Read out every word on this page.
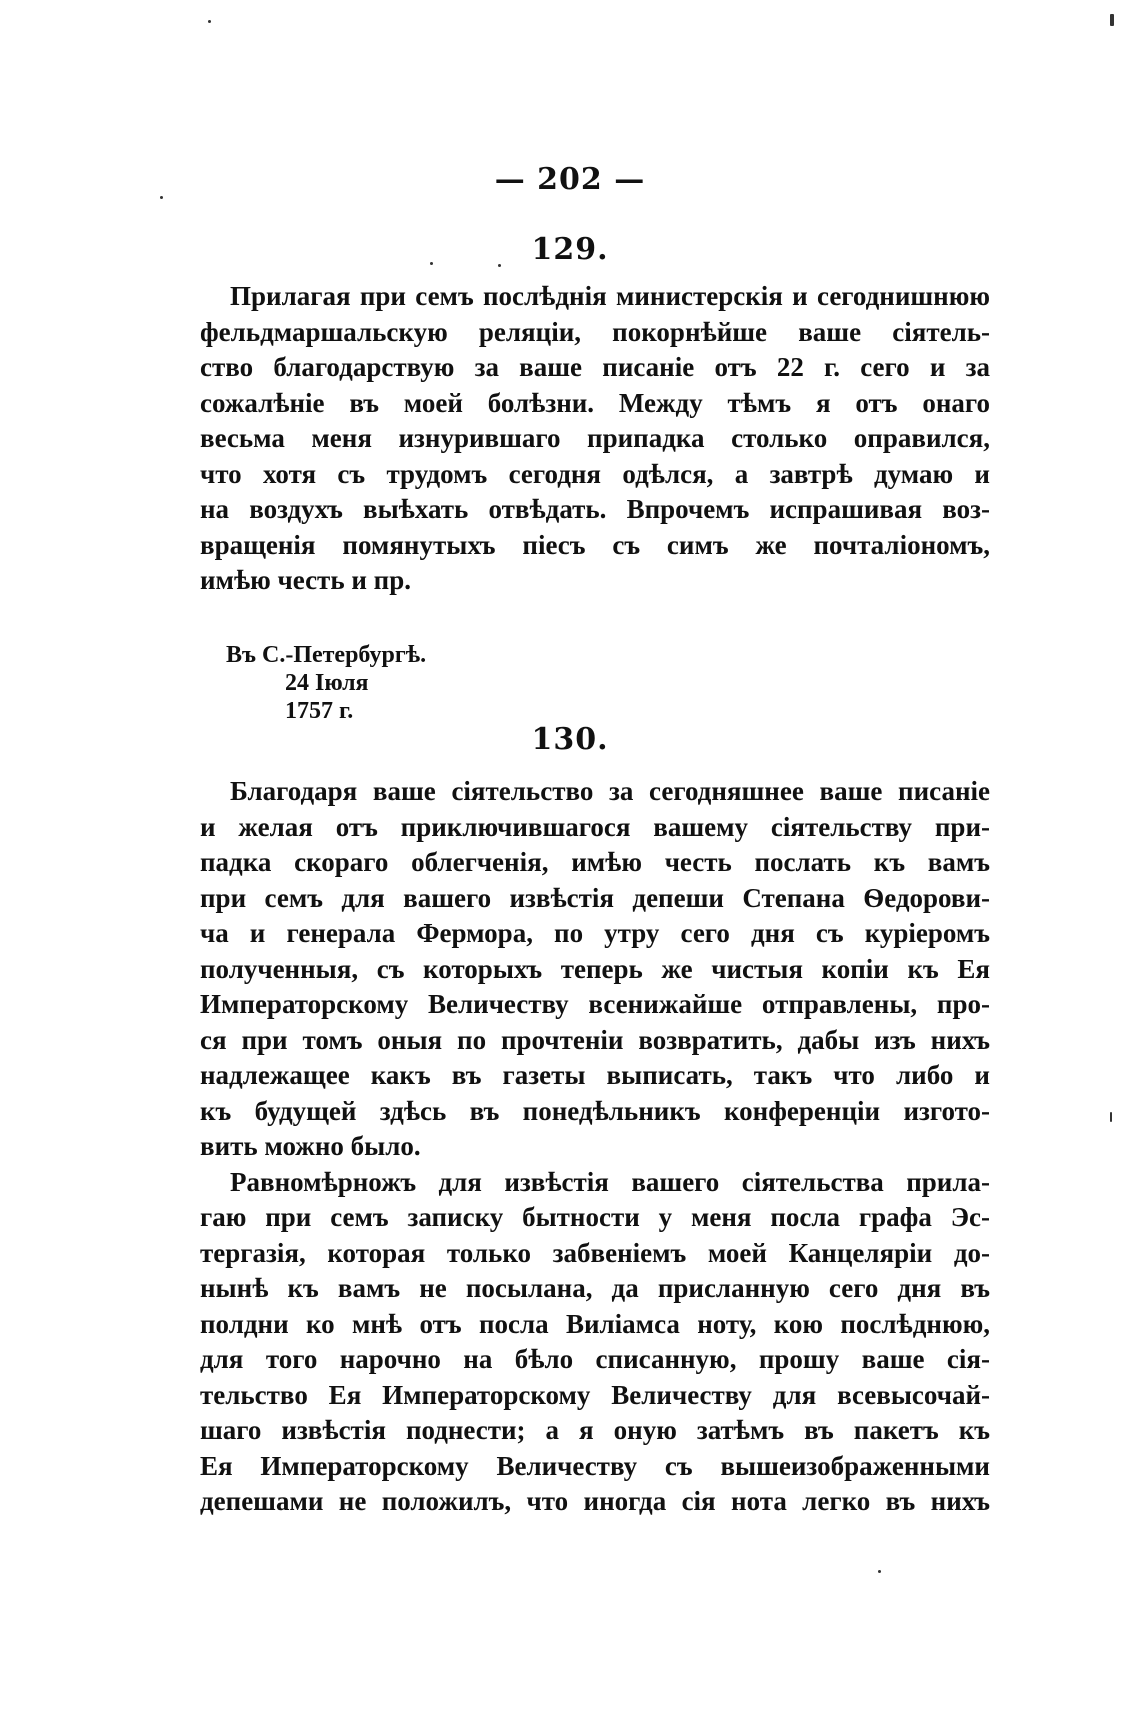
— 202 —
129.
Прилагая при семъ послѣднія министерскія и сегоднишнюю
фельдмаршальскую реляціи, покорнѣйше ваше сіятель-
ство благодарствую за ваше писаніе отъ 22 г. сего и за
сожалѣніе въ моей болѣзни. Между тѣмъ я отъ онаго
весьма меня изнурившаго припадка столько оправился,
что хотя съ трудомъ сегодня одѣлся, а завтрѣ думаю и
на воздухъ выѣхать отвѣдать. Впрочемъ испрашивая воз-
вращенія помянутыхъ піесъ съ симъ же почталіономъ,
имѣю честь и пр.
Въ С.-Петербургѣ.
24 Іюля
1757 г.
130.
Благодаря ваше сіятельство за сегодняшнее ваше писаніе
и желая отъ приключившагося вашему сіятельству при-
падка скораго облегченія, имѣю честь послать къ вамъ
при семъ для вашего извѣстія депеши Степана Ѳедорови-
ча и генерала Фермора, по утру сего дня съ куріеромъ
полученныя, съ которыхъ теперь же чистыя копіи къ Ея
Императорскому Величеству всенижайше отправлены, про-
ся при томъ оныя по прочтеніи возвратить, дабы изъ нихъ
надлежащее какъ въ газеты выписать, такъ что либо и
къ будущей здѣсь въ понедѣльникъ конференціи изгото-
вить можно было.
Равномѣрножъ для извѣстія вашего сіятельства прила-
гаю при семъ записку бытности у меня посла графа Эс-
тергазія, которая только забвеніемъ моей Канцеляріи до-
нынѣ къ вамъ не посылана, да присланную сего дня въ
полдни ко мнѣ отъ посла Виліамса ноту, кою послѣднюю,
для того нарочно на бѣло списанную, прошу ваше сія-
тельство Ея Императорскому Величеству для всевысочай-
шаго извѣстія поднести; а я оную затѣмъ въ пакетъ къ
Ея Императорскому Величеству съ вышеизображенными
депешами не положилъ, что иногда сія нота легко въ нихъ
